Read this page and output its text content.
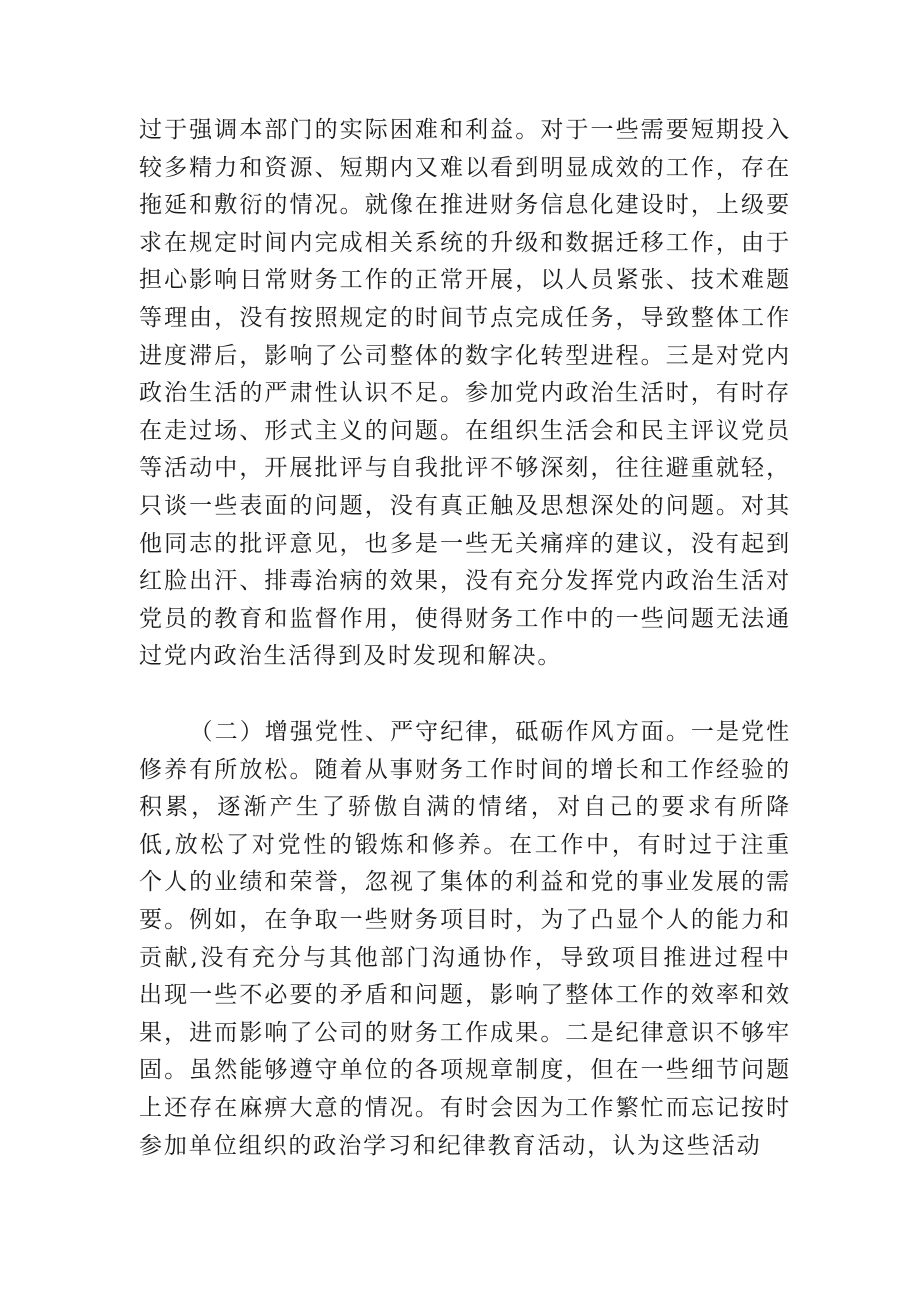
过于强调本部门的实际困难和利益。对于一些需要短期投入较多精力和资源、短期内又难以看到明显成效的工作，存在拖延和敷衍的情况。就像在推进财务信息化建设时，上级要求在规定时间内完成相关系统的升级和数据迁移工作，由于担心影响日常财务工作的正常开展，以人员紧张、技术难题等理由，没有按照规定的时间节点完成任务，导致整体工作进度滞后，影响了公司整体的数字化转型进程。三是对党内政治生活的严肃性认识不足。参加党内政治生活时，有时存在走过场、形式主义的问题。在组织生活会和民主评议党员等活动中，开展批评与自我批评不够深刻，往往避重就轻，只谈一些表面的问题，没有真正触及思想深处的问题。对其他同志的批评意见，也多是一些无关痛痒的建议，没有起到红脸出汗、排毒治病的效果，没有充分发挥党内政治生活对党员的教育和监督作用，使得财务工作中的一些问题无法通过党内政治生活得到及时发现和解决。

（二）增强党性、严守纪律，砥砺作风方面。一是党性修养有所放松。随着从事财务工作时间的增长和工作经验的积累，逐渐产生了骄傲自满的情绪，对自己的要求有所降低,放松了对党性的锻炼和修养。在工作中，有时过于注重个人的业绩和荣誉，忽视了集体的利益和党的事业发展的需要。例如，在争取一些财务项目时，为了凸显个人的能力和贡献,没有充分与其他部门沟通协作，导致项目推进过程中出现一些不必要的矛盾和问题，影响了整体工作的效率和效果，进而影响了公司的财务工作成果。二是纪律意识不够牢固。虽然能够遵守单位的各项规章制度，但在一些细节问题上还存在麻痹大意的情况。有时会因为工作繁忙而忘记按时参加单位组织的政治学习和纪律教育活动，认为这些活动
